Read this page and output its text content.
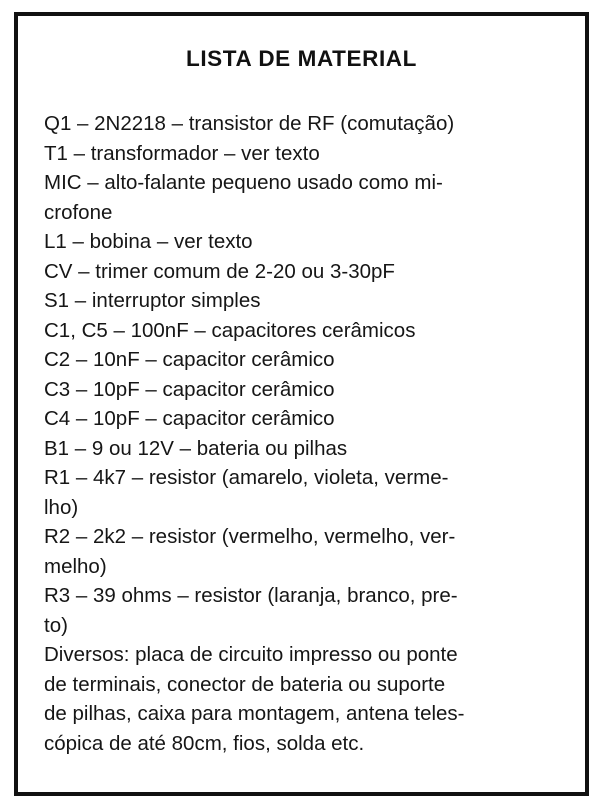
LISTA DE MATERIAL
Q1 – 2N2218 – transistor de RF (comutação)
T1 – transformador – ver texto
MIC – alto-falante pequeno usado como mi-
crofone
L1 – bobina – ver texto
CV – trimer comum de 2-20 ou 3-30pF
S1 – interruptor simples
C1, C5 – 100nF – capacitores cerâmicos
C2 – 10nF – capacitor cerâmico
C3 – 10pF – capacitor cerâmico
C4 – 10pF – capacitor cerâmico
B1 – 9 ou 12V – bateria ou pilhas
R1 – 4k7 – resistor (amarelo, violeta, verme-
lho)
R2 – 2k2 – resistor (vermelho, vermelho, ver-
melho)
R3 – 39 ohms – resistor (laranja, branco, pre-
to)
Diversos: placa de circuito impresso ou ponte
de terminais, conector de bateria ou suporte
de pilhas, caixa para montagem, antena teles-
cópica de até 80cm, fios, solda etc.
